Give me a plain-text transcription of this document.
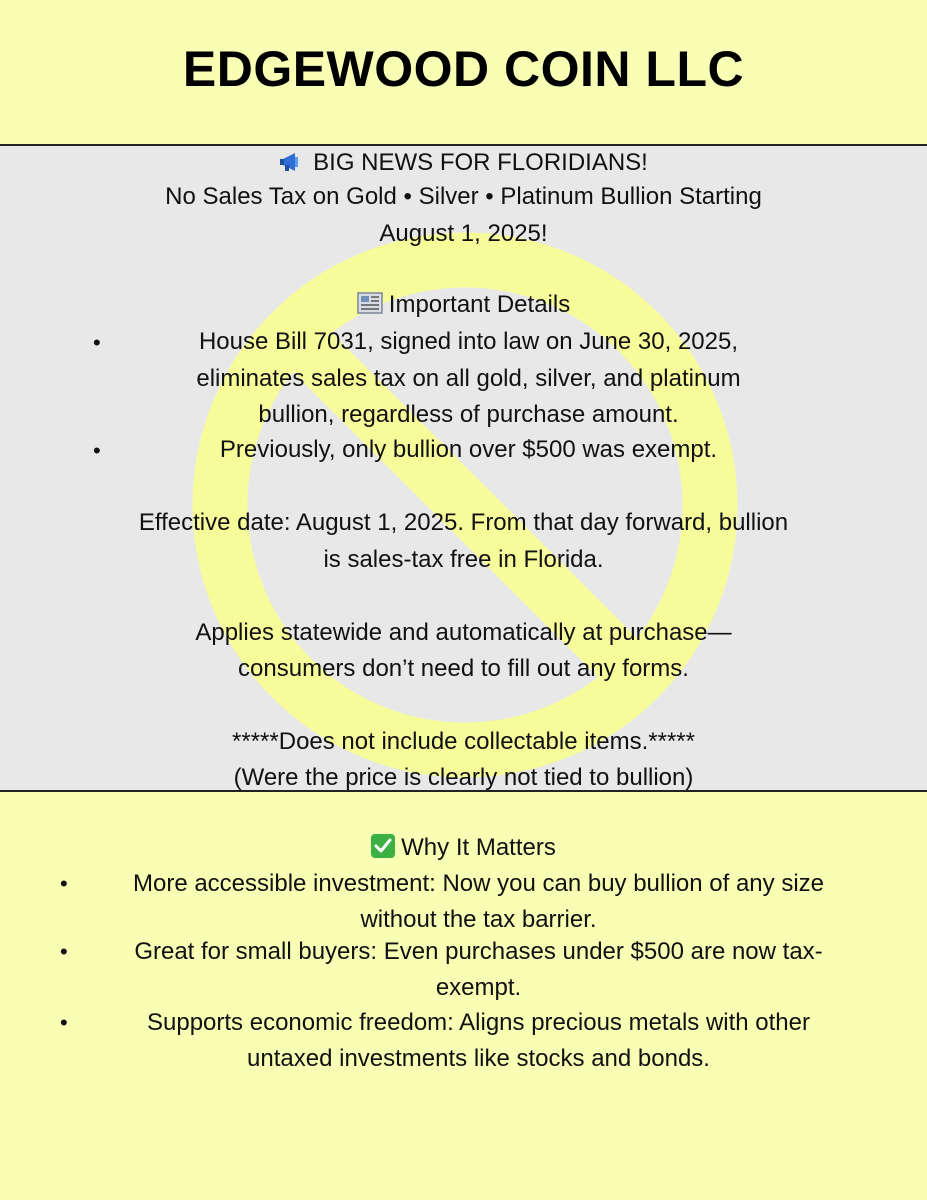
EDGEWOOD COIN LLC
BIG NEWS FOR FLORIDIANS!
No Sales Tax on Gold • Silver • Platinum Bullion Starting
August 1, 2025!
Important Details
•	House Bill 7031, signed into law on June 30, 2025,
eliminates sales tax on all gold, silver, and platinum
bullion, regardless of purchase amount.
•	Previously, only bullion over $500 was exempt.
Effective date: August 1, 2025. From that day forward, bullion
is sales-tax free in Florida.
Applies statewide and automatically at purchase—
consumers don’t need to fill out any forms.
*****Does not include collectable items.*****
(Were the price is clearly not tied to bullion)
Why It Matters
•	More accessible investment: Now you can buy bullion of any size
without the tax barrier.
•	Great for small buyers: Even purchases under $500 are now tax-
exempt.
•	Supports economic freedom: Aligns precious metals with other
untaxed investments like stocks and bonds.
